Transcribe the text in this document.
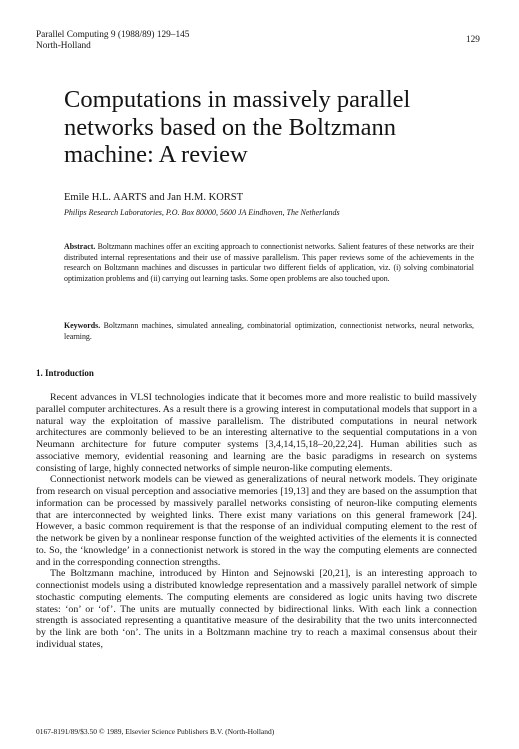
Parallel Computing 9 (1988/89) 129–145
North-Holland
129
Computations in massively parallel
networks based on the Boltzmann
machine: A review
Emile H.L. AARTS and Jan H.M. KORST
Philips Research Laboratories, P.O. Box 80000, 5600 JA Eindhoven, The Netherlands
Abstract. Boltzmann machines offer an exciting approach to connectionist networks. Salient features of these networks are their distributed internal representations and their use of massive parallelism. This paper reviews some of the achievements in the research on Boltzmann machines and discusses in particular two different fields of application, viz. (i) solving combinatorial optimization problems and (ii) carrying out learning tasks. Some open problems are also touched upon.
Keywords. Boltzmann machines, simulated annealing, combinatorial optimization, connectionist networks, neural networks, learning.
1. Introduction

Recent advances in VLSI technologies indicate that it becomes more and more realistic to build massively parallel computer architectures. As a result there is a growing interest in computational models that support in a natural way the exploitation of massive parallelism. The distributed computations in neural network architectures are commonly believed to be an interesting alternative to the sequential computations in a von Neumann architecture for future computer systems [3,4,14,15,18–20,22,24]. Human abilities such as associative memory, evidential reasoning and learning are the basic paradigms in research on systems consisting of large, highly connected networks of simple neuron-like computing elements.

Connectionist network models can be viewed as generalizations of neural network models. They originate from research on visual perception and associative memories [19,13] and they are based on the assumption that information can be processed by massively parallel networks consisting of neuron-like computing elements that are interconnected by weighted links. There exist many variations on this general framework [24]. However, a basic common requirement is that the response of an individual computing element to the rest of the network be given by a nonlinear response function of the weighted activities of the elements it is connected to. So, the ‘knowledge’ in a connectionist network is stored in the way the computing elements are connected and in the corresponding connection strengths.

The Boltzmann machine, introduced by Hinton and Sejnowski [20,21], is an interesting approach to connectionist models using a distributed knowledge representation and a massively parallel network of simple stochastic computing elements. The computing elements are considered as logic units having two discrete states: ‘on’ or ‘of’. The units are mutually connected by bidirectional links. With each link a connection strength is associated representing a quantitative measure of the desirability that the two units interconnected by the link are both ‘on’. The units in a Boltzmann machine try to reach a maximal consensus about their individual states,

0167-8191/89/$3.50 © 1989, Elsevier Science Publishers B.V. (North-Holland)
